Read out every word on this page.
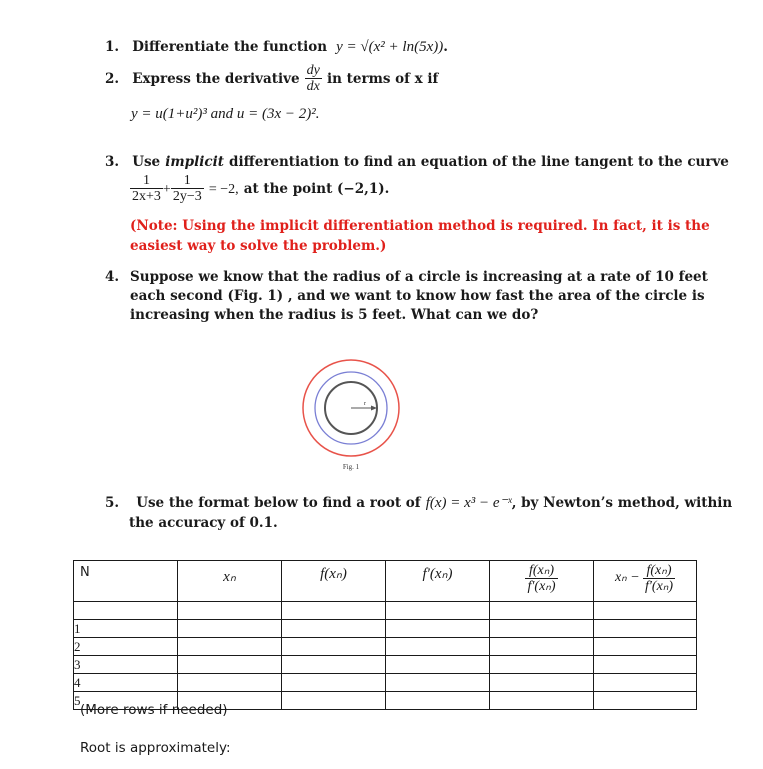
1. Differentiate the function y = √(x² + ln(5x)).
2. Express the derivative $\frac{dy}{dx}$ in terms of x if
y = u(1+u²)³ and u = (3x − 2)².
3. Use implicit differentiation to find an equation of the line tangent to the curve
$\frac{1}{2x+3} + \frac{1}{2y-3} = -2$, at the point (−2,1).
(Note: Using the implicit differentiation method is required. In fact, it is the
easiest way to solve the problem.)
4. Suppose we know that the radius of a circle is increasing at a rate of 10 feet
each second (Fig. 1) , and we want to know how fast the area of the circle is
increasing when the radius is 5 feet. What can we do?
r
Fig. 1
5. Use the format below to find a root of f(x) = x³ − e⁻ˣ, by Newton’s method, within
the accuracy of 0.1.
N	xₙ	f(xₙ)	f′(xₙ)	$\frac{\text{f(xₙ)}}{\text{f′(xₙ)}}$	$x_n - \frac{\text{f(xₙ)}}{\text{f′(xₙ)}}$

1					
2					
3					
4					
5					
(More rows if needed)
Root is approximately:
